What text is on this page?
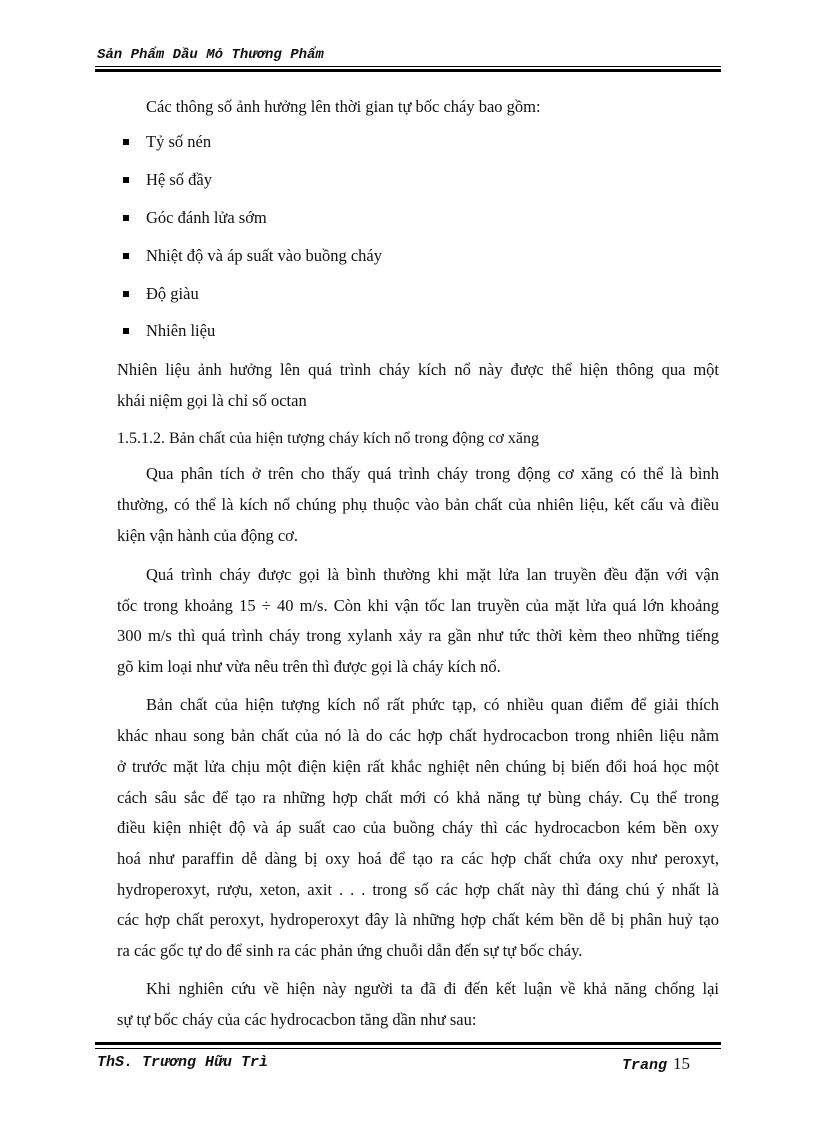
Sản Phẩm Dầu Mỏ Thương Phẩm
Các thông số ảnh hưởng lên thời gian tự bốc cháy bao gồm:
Tỷ số nén
Hệ số đầy
Góc đánh lửa sớm
Nhiệt độ và áp suất vào buồng cháy
Độ giàu
Nhiên liệu
Nhiên liệu ảnh hưởng lên quá trình cháy kích nổ này được thể hiện thông qua một
khái niệm gọi là chỉ số octan
1.5.1.2. Bản chất của hiện tượng cháy kích nổ trong động cơ xăng
Qua phân tích ở trên cho thấy quá trình cháy trong động cơ xăng có thể là bình
thường, có thể là kích nổ chúng phụ thuộc vào bản chất của nhiên liệu, kết cấu và điều
kiện vận hành của động cơ.
Quá trình cháy được gọi là bình thường khi mặt lửa lan truyền đều đặn với vận
tốc trong khoảng 15 ÷ 40 m/s. Còn khi vận tốc lan truyền của mặt lửa quá lớn khoảng
300 m/s thì quá trình cháy trong xylanh xảy ra gần như tức thời kèm theo những tiếng
gõ kim loại như vừa nêu trên thì được gọi là cháy kích nổ.
Bản chất của hiện tượng kích nổ rất phức tạp, có nhiều quan điểm để giải thích
khác nhau song bản chất của nó là do các hợp chất hydrocacbon trong nhiên liệu nằm
ở trước mặt lửa chịu một điện kiện rất khắc nghiệt nên chúng bị biến đổi hoá học một
cách sâu sắc để tạo ra những hợp chất mới có khả năng tự bùng cháy. Cụ thể trong
điều kiện nhiệt độ và áp suất cao của buồng cháy thì các hydrocacbon kém bền oxy
hoá như paraffin dễ dàng bị oxy hoá để tạo ra các hợp chất chứa oxy như peroxyt,
hydroperoxyt, rượu, xeton, axit . . . trong số các hợp chất này thì đáng chú ý nhất là
các hợp chất peroxyt, hydroperoxyt đây là những hợp chất kém bền dễ bị phân huỷ tạo
ra các gốc tự do để sinh ra các phản ứng chuỗi dẫn đến sự tự bốc cháy.
Khi nghiên cứu về hiện này người ta đã đi đến kết luận về khả năng chống lại
sự tự bốc cháy của các hydrocacbon tăng dần như sau:
ThS. Trương Hữu Trì	Trang 15
